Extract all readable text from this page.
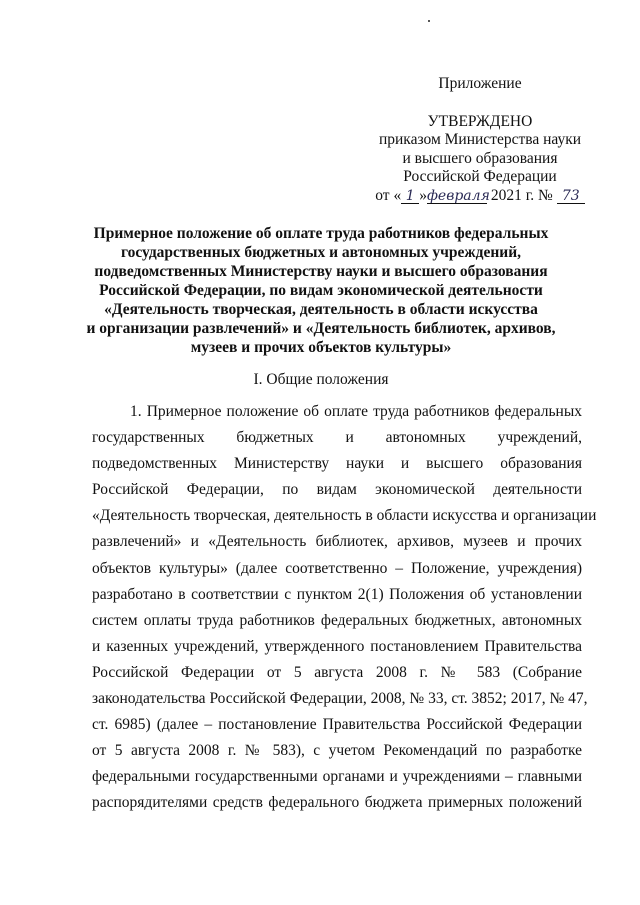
Приложение
УТВЕРЖДЕНО
приказом Министерства науки
и высшего образования
Российской Федерации
от « 1 »февраля 2021 г. № 73
Примерное положение об оплате труда работников федеральных
государственных бюджетных и автономных учреждений,
подведомственных Министерству науки и высшего образования
Российской Федерации, по видам экономической деятельности
«Деятельность творческая, деятельность в области искусства
и организации развлечений» и «Деятельность библиотек, архивов,
музеев и прочих объектов культуры»
I. Общие положения
1. Примерное положение об оплате труда работников федеральных
государственных бюджетных и автономных учреждений,
подведомственных Министерству науки и высшего образования
Российской Федерации, по видам экономической деятельности
«Деятельность творческая, деятельность в области искусства и организации
развлечений» и «Деятельность библиотек, архивов, музеев и прочих
объектов культуры» (далее соответственно – Положение, учреждения)
разработано в соответствии с пунктом 2(1) Положения об установлении
систем оплаты труда работников федеральных бюджетных, автономных
и казенных учреждений, утвержденного постановлением Правительства
Российской Федерации от 5 августа 2008 г. № 583 (Собрание
законодательства Российской Федерации, 2008, № 33, ст. 3852; 2017, № 47,
ст. 6985) (далее – постановление Правительства Российской Федерации
от 5 августа 2008 г. № 583), с учетом Рекомендаций по разработке
федеральными государственными органами и учреждениями – главными
распорядителями средств федерального бюджета примерных положений
